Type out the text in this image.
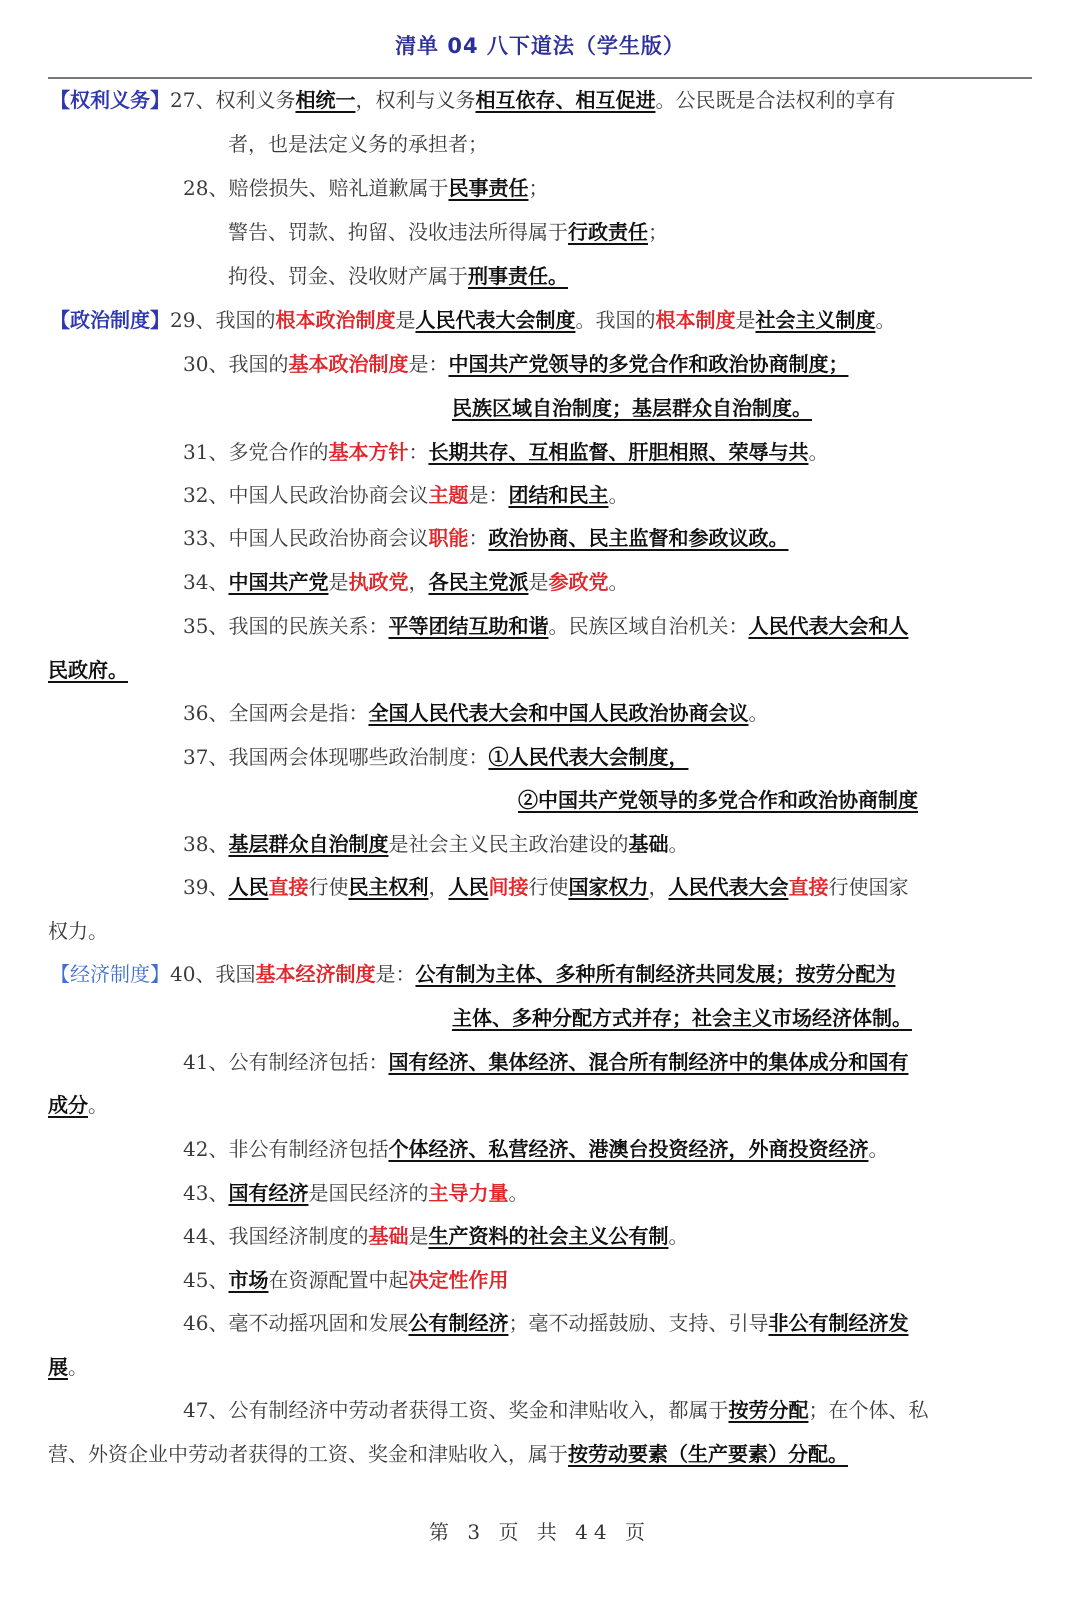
清单 04 八下道法（学生版）
【权利义务】27、权利义务相统一，权利与义务相互依存、相互促进。公民既是合法权利的享有
者，也是法定义务的承担者；
28、赔偿损失、赔礼道歉属于民事责任；
警告、罚款、拘留、没收违法所得属于行政责任；
拘役、罚金、没收财产属于刑事责任。
【政治制度】29、我国的根本政治制度是人民代表大会制度。我国的根本制度是社会主义制度。
30、我国的基本政治制度是：中国共产党领导的多党合作和政治协商制度；
民族区域自治制度；基层群众自治制度。
31、多党合作的基本方针：长期共存、互相监督、肝胆相照、荣辱与共。
32、中国人民政治协商会议主题是：团结和民主。
33、中国人民政治协商会议职能：政治协商、民主监督和参政议政。
34、中国共产党是执政党，各民主党派是参政党。
35、我国的民族关系：平等团结互助和谐。民族区域自治机关：人民代表大会和人
民政府。
36、全国两会是指：全国人民代表大会和中国人民政治协商会议。
37、我国两会体现哪些政治制度：①人民代表大会制度，
②中国共产党领导的多党合作和政治协商制度
38、基层群众自治制度是社会主义民主政治建设的基础。
39、人民直接行使民主权利，人民间接行使国家权力，人民代表大会直接行使国家
权力。
【经济制度】40、我国基本经济制度是：公有制为主体、多种所有制经济共同发展；按劳分配为
主体、多种分配方式并存；社会主义市场经济体制。
41、公有制经济包括：国有经济、集体经济、混合所有制经济中的集体成分和国有
成分。
42、非公有制经济包括个体经济、私营经济、港澳台投资经济，外商投资经济。
43、国有经济是国民经济的主导力量。
44、我国经济制度的基础是生产资料的社会主义公有制。
45、市场在资源配置中起决定性作用
46、毫不动摇巩固和发展公有制经济；毫不动摇鼓励、支持、引导非公有制经济发
展。
47、公有制经济中劳动者获得工资、奖金和津贴收入，都属于按劳分配；在个体、私
营、外资企业中劳动者获得的工资、奖金和津贴收入，属于按劳动要素（生产要素）分配。
第 3 页 共 44 页
